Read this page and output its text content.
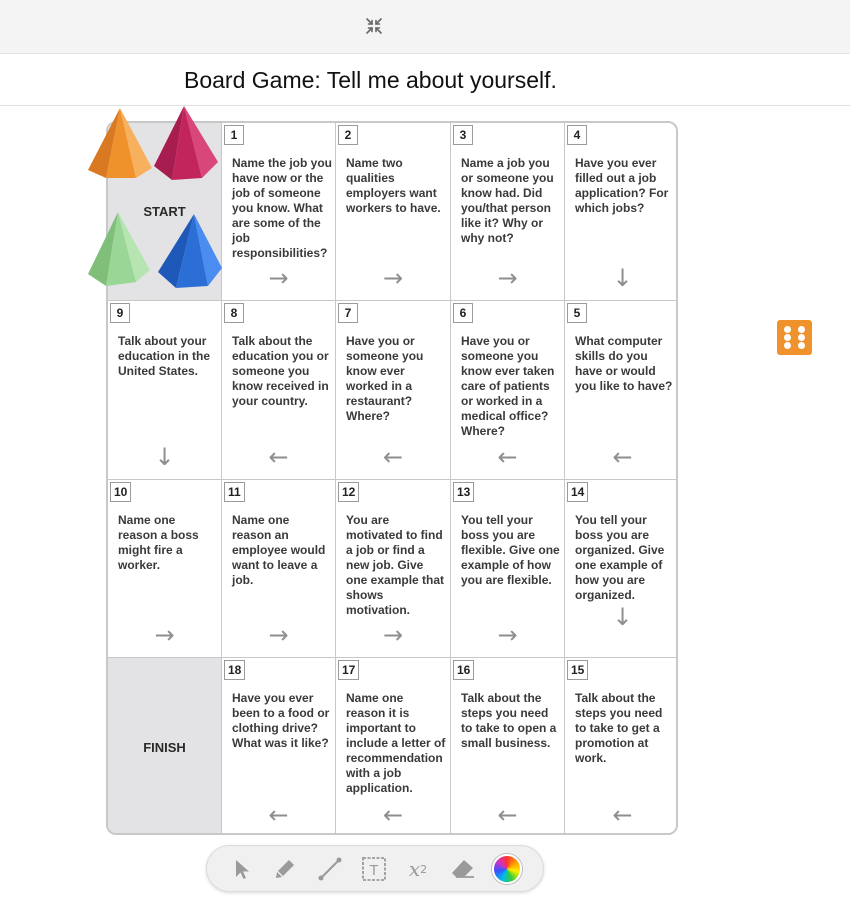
Board Game: Tell me about yourself.
START
1
Name the job you have now or the job of someone you know. What are some of the job responsibilities?
→
2
Name two qualities employers want workers to have.
→
3
Name a job you or someone you know had. Did you/that person like it? Why or why not?
→
4
Have you ever filled out a job application? For which jobs?
↓
9
Talk about your education in the United States.
↓
8
Talk about the education you or someone you know received in your country.
←
7
Have you or someone you know ever worked in a restaurant? Where?
←
6
Have you or someone you know ever taken care of patients or worked in a medical office? Where?
←
5
What computer skills do you have or would you like to have?
←
10
Name one reason a boss might fire a worker.
→
11
Name one reason an employee would want to leave a job.
→
12
You are motivated to find a job or find a new job. Give one example that shows motivation.
→
13
You tell your boss you are flexible. Give one example of how you are flexible.
→
14
You tell your boss you are organized. Give one example of how you are organized.
↓
FINISH
18
Have you ever been to a food or clothing drive? What was it like?
←
17
Name one reason it is important to include a letter of recommendation with a job application.
←
16
Talk about the steps you need to take to open a small business.
←
15
Talk about the steps you need to take to get a promotion at work.
←
T x 2
